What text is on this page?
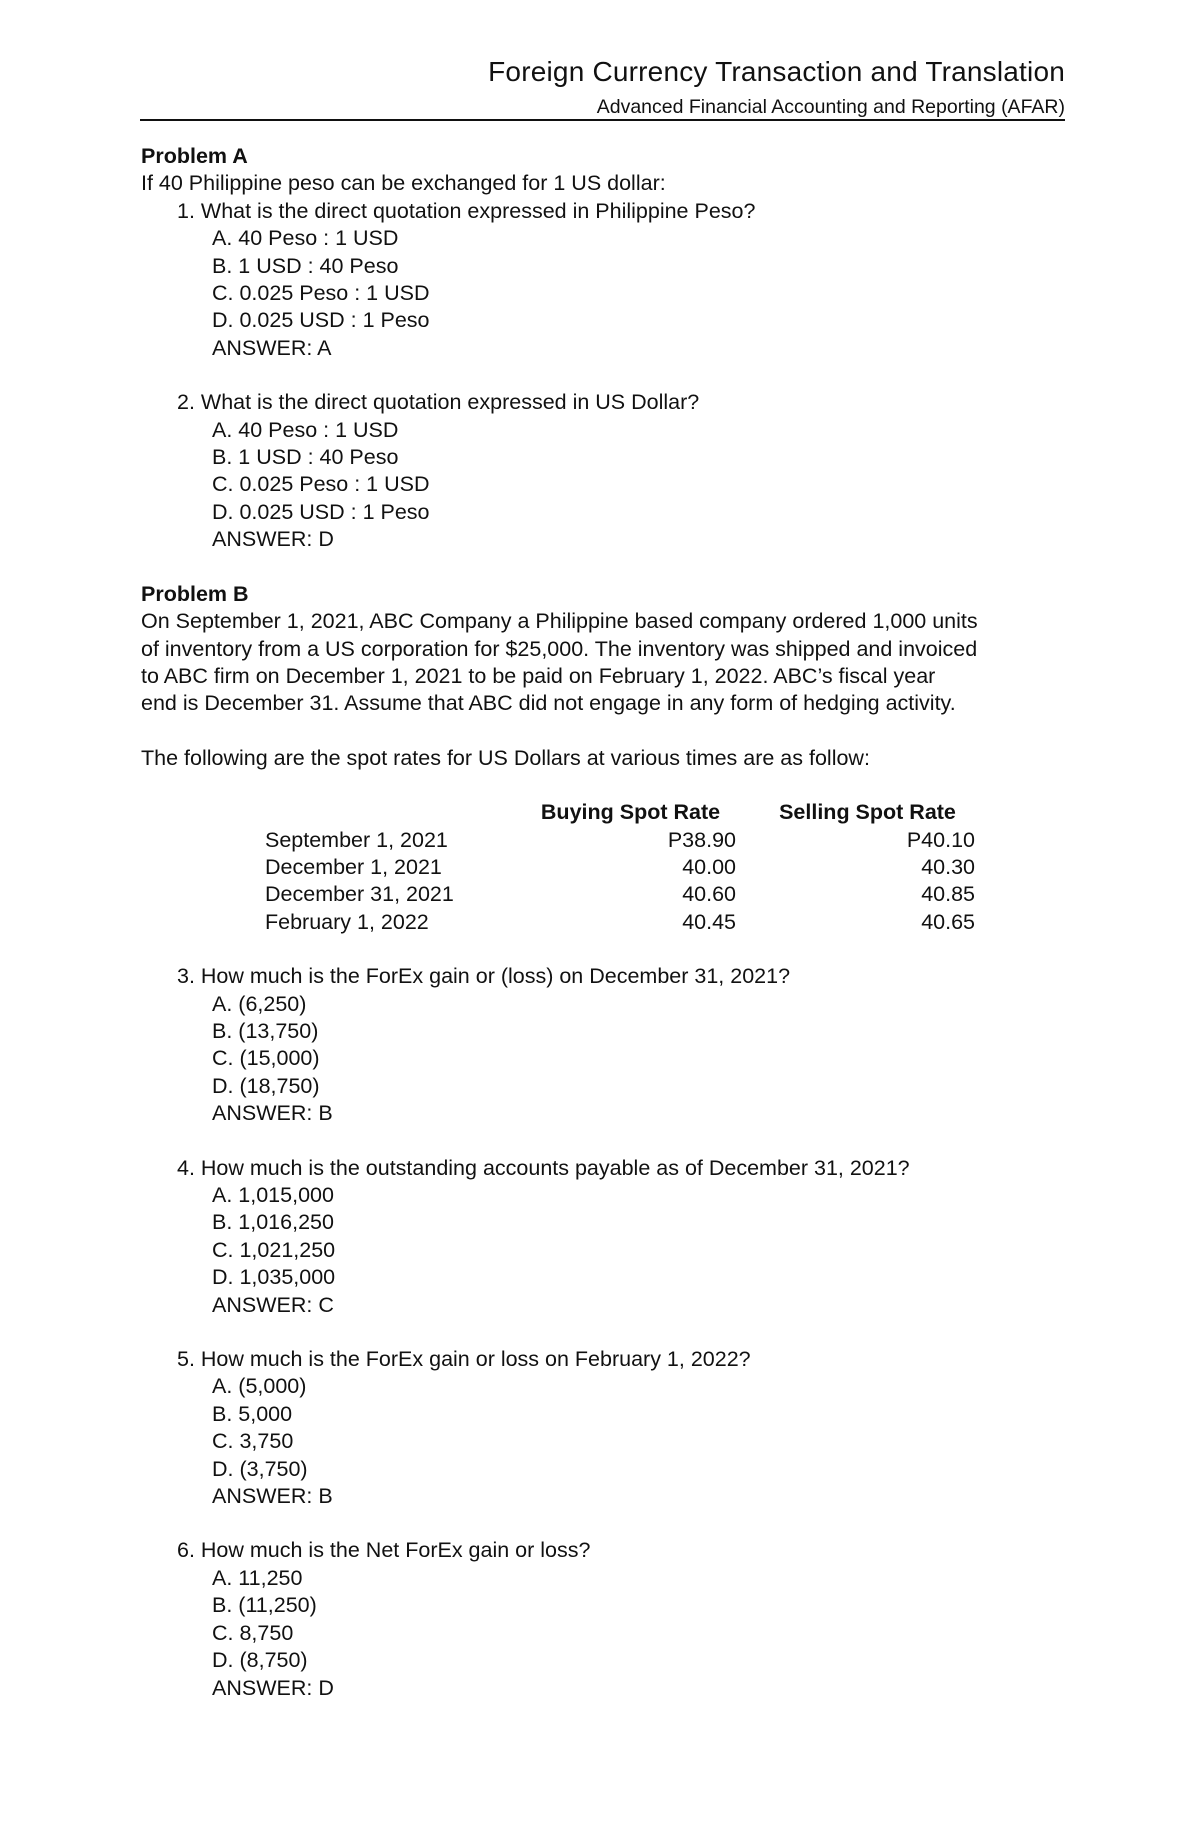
Foreign Currency Transaction and Translation
Advanced Financial Accounting and Reporting (AFAR)
Problem A
If 40 Philippine peso can be exchanged for 1 US dollar:
1. What is the direct quotation expressed in Philippine Peso?
A. 40 Peso : 1 USD
B. 1 USD : 40 Peso
C. 0.025 Peso : 1 USD
D. 0.025 USD : 1 Peso
ANSWER: A
2. What is the direct quotation expressed in US Dollar?
A. 40 Peso : 1 USD
B. 1 USD : 40 Peso
C. 0.025 Peso : 1 USD
D. 0.025 USD : 1 Peso
ANSWER: D
Problem B
On September 1, 2021, ABC Company a Philippine based company ordered 1,000 units
of inventory from a US corporation for $25,000. The inventory was shipped and invoiced
to ABC firm on December 1, 2021 to be paid on February 1, 2022. ABC’s fiscal year
end is December 31. Assume that ABC did not engage in any form of hedging activity.
The following are the spot rates for US Dollars at various times are as follow:
	Buying Spot Rate	Selling Spot Rate
September 1, 2021	P38.90	P40.10
December 1, 2021	40.00	40.30
December 31, 2021	40.60	40.85
February 1, 2022	40.45	40.65
3. How much is the ForEx gain or (loss) on December 31, 2021?
A. (6,250)
B. (13,750)
C. (15,000)
D. (18,750)
ANSWER: B
4. How much is the outstanding accounts payable as of December 31, 2021?
A. 1,015,000
B. 1,016,250
C. 1,021,250
D. 1,035,000
ANSWER: C
5. How much is the ForEx gain or loss on February 1, 2022?
A. (5,000)
B. 5,000
C. 3,750
D. (3,750)
ANSWER: B
6. How much is the Net ForEx gain or loss?
A. 11,250
B. (11,250)
C. 8,750
D. (8,750)
ANSWER: D
